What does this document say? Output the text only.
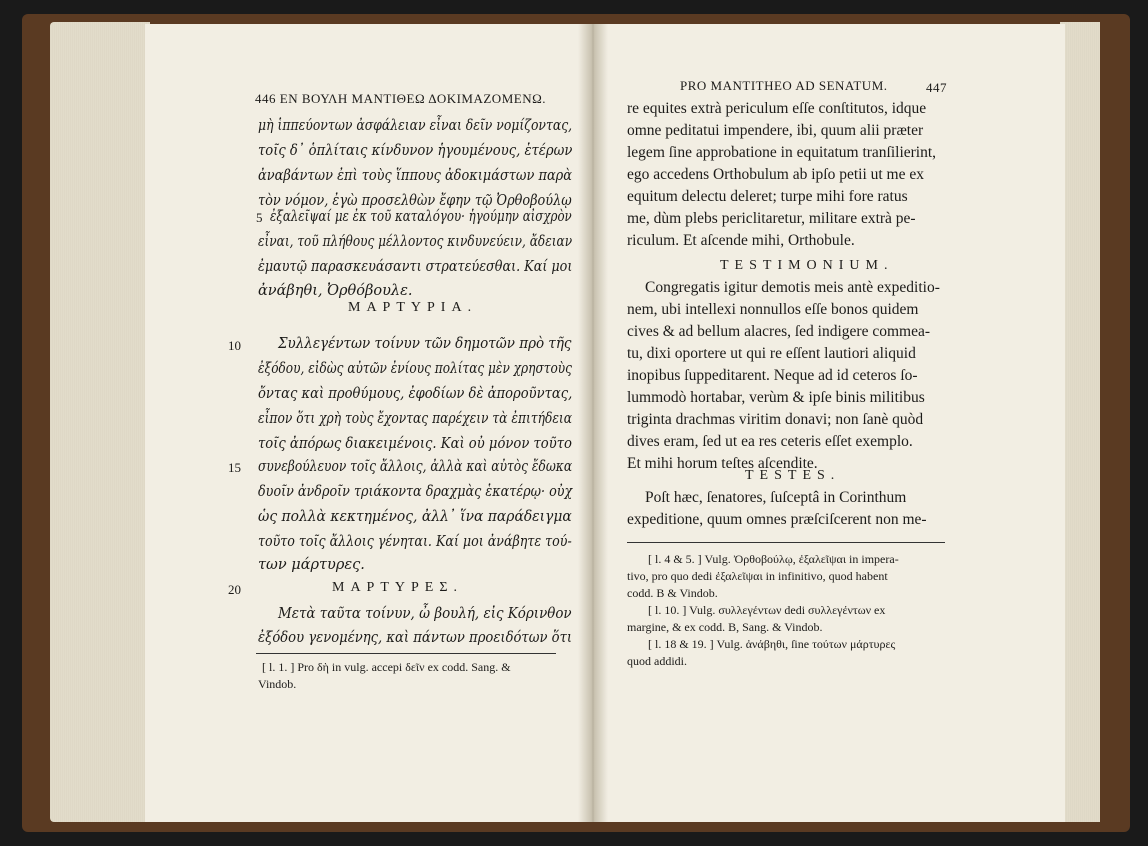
446 ΕΝ ΒΟΥΛΗ ΜΑΝΤΙΘΕΩ ΔΟΚΙΜΑΖΟΜΕΝΩ.
μὴ ἱππεύοντων ἀσφάλειαν εἶναι δεῖν νομίζοντας,
τοῖς δ᾽ ὁπλίταις κίνδυνον ἡγουμένους, ἑτέρων
ἀναβάντων ἐπὶ τοὺς ἵππους ἀδοκιμάστων παρὰ
τὸν νόμον, ἐγὼ προσελθὼν ἔφην τῷ Ὀρθοβούλῳ
5 ἐξαλεῖψαί με ἐκ τοῦ καταλόγου· ἡγούμην αἰσχρὸν
εἶναι, τοῦ πλήθους μέλλοντος κινδυνεύειν, ἄδειαν
ἐμαυτῷ παρασκευάσαντι στρατεύεσθαι. Καί μοι
ἀνάβηθι, Ὀρθόβουλε.
ΜΑΡΤΥΡΙΑ.
10	Συλλεγέντων τοίνυν τῶν δημοτῶν πρὸ τῆς
ἐξόδου, εἰδὼς αὐτῶν ἐνίους πολίτας μὲν χρηστοὺς
ὄντας καὶ προθύμους, ἐφοδίων δὲ ἀποροῦντας,
εἶπον ὅτι χρὴ τοὺς ἔχοντας παρέχειν τὰ ἐπιτήδεια
τοῖς ἀπόρως διακειμένοις. Καὶ οὐ μόνον τοῦτο
15 συνεβούλευον τοῖς ἄλλοις, ἀλλὰ καὶ αὐτὸς ἔδωκα
δυοῖν ἀνδροῖν τριάκοντα δραχμὰς ἑκατέρῳ· οὐχ
ὡς πολλὰ κεκτημένος, ἀλλ᾽ ἵνα παράδειγμα
τοῦτο τοῖς ἄλλοις γένηται. Καί μοι ἀνάβητε τού-
των μάρτυρες.
20	ΜΑΡΤΥΡΕΣ.
Μετὰ ταῦτα τοίνυν, ὦ βουλή, εἰς Κόρινθον
ἐξόδου γενομένης, καὶ πάντων προειδότων ὅτι
[ l. 1. ] Pro δὴ in vulg. accepi δεῖν ex codd. Sang. &
Vindob.
PRO MANTITHEO AD SENATUM.	447
re equites extrà periculum eſſe conſtitutos, idque
omne peditatui impendere, ibi, quum alii præter
legem ſine approbatione in equitatum tranſilierint,
ego accedens Orthobulum ab ipſo petii ut me ex
equitum delectu deleret; turpe mihi fore ratus
me, dùm plebs periclitaretur, militare extrà pe-
riculum. Et aſcende mihi, Orthobule.
TESTIMONIUM.
Congregatis igitur demotis meis antè expeditio-
nem, ubi intellexi nonnullos eſſe bonos quidem
cives & ad bellum alacres, ſed indigere commea-
tu, dixi oportere ut qui re eſſent lautiori aliquid
inopibus ſuppeditarent. Neque ad id ceteros ſo-
lummodò hortabar, verùm & ipſe binis militibus
triginta drachmas viritim donavi; non ſanè quòd
dives eram, ſed ut ea res ceteris eſſet exemplo.
Et mihi horum teſtes aſcendite.
TESTES.
Poſt hæc, ſenatores, ſuſceptâ in Corinthum
expeditione, quum omnes præſciſcerent non me-
[ l. 4 & 5. ] Vulg. Ὀρθοβούλῳ, ἐξαλεῖψαι in impera-
tivo, pro quo dedi ἐξαλεῖψαι in infinitivo, quod habent
codd. B & Vindob.
[ l. 10. ] Vulg. συλλεγέντων dedi συλλεγέντων ex
margine, & ex codd. B, Sang. & Vindob.
[ l. 18 & 19. ] Vulg. ἀνάβηθι, ſine τούτων μάρτυρες
quod addidi.
